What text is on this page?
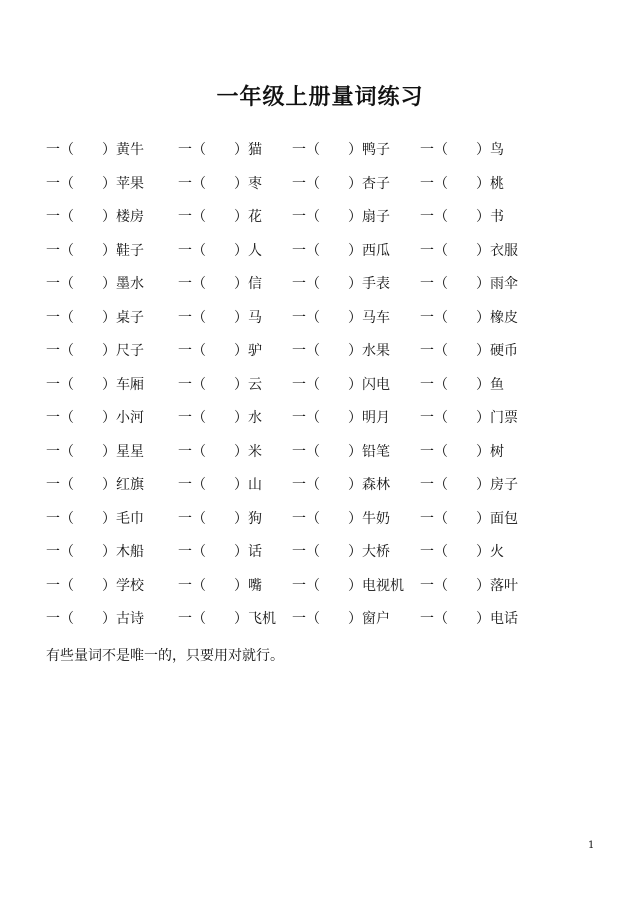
一年级上册量词练习
一（　　）黄牛 一（　　）猫 一（　　）鸭子 一（　　）鸟
一（　　）苹果 一（　　）枣 一（　　）杏子 一（　　）桃
一（　　）楼房 一（　　）花 一（　　）扇子 一（　　）书
一（　　）鞋子 一（　　）人 一（　　）西瓜 一（　　）衣服
一（　　）墨水 一（　　）信 一（　　）手表 一（　　）雨伞
一（　　）桌子 一（　　）马 一（　　）马车 一（　　）橡皮
一（　　）尺子 一（　　）驴 一（　　）水果 一（　　）硬币
一（　　）车厢 一（　　）云 一（　　）闪电 一（　　）鱼
一（　　）小河 一（　　）水 一（　　）明月 一（　　）门票
一（　　）星星 一（　　）米 一（　　）铅笔 一（　　）树
一（　　）红旗 一（　　）山 一（　　）森林 一（　　）房子
一（　　）毛巾 一（　　）狗 一（　　）牛奶 一（　　）面包
一（　　）木船 一（　　）话 一（　　）大桥 一（　　）火
一（　　）学校 一（　　）嘴 一（　　）电视机 一（　　）落叶
一（　　）古诗 一（　　）飞机 一（　　）窗户 一（　　）电话
有些量词不是唯一的，只要用对就行。
1
